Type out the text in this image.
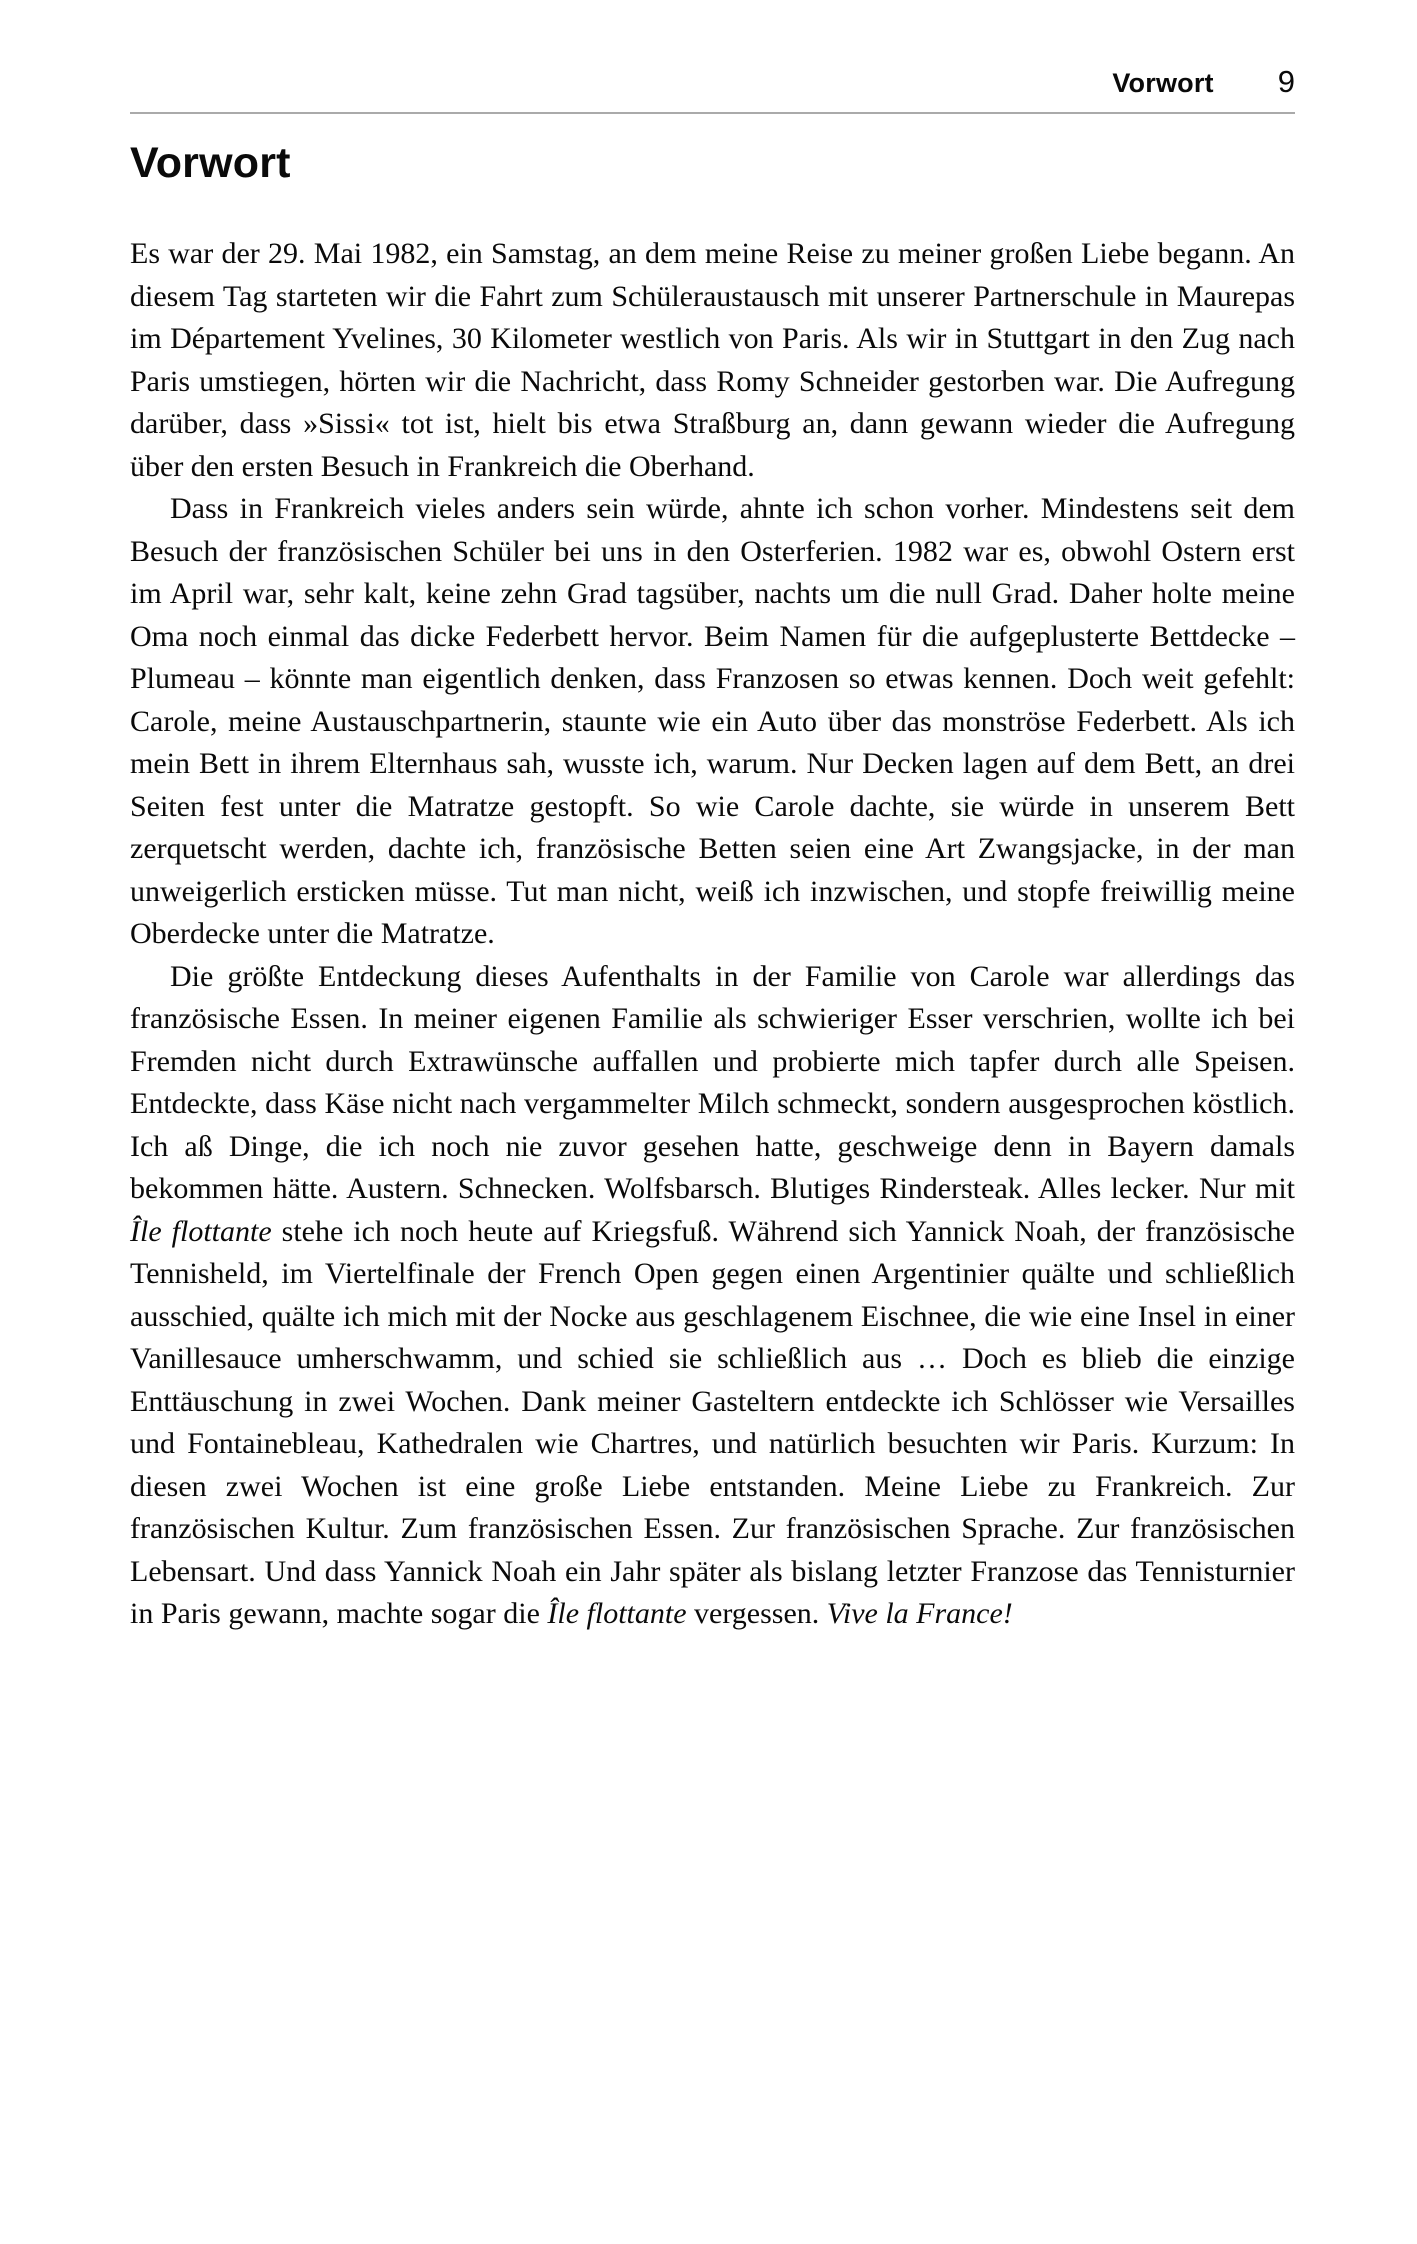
Vorwort 9
Vorwort

Es war der 29. Mai 1982, ein Samstag, an dem meine Reise zu meiner großen Liebe begann. An diesem Tag starteten wir die Fahrt zum Schüleraustausch mit unserer Partnerschule in Maurepas im Département Yvelines, 30 Kilometer westlich von Paris. Als wir in Stuttgart in den Zug nach Paris umstiegen, hörten wir die Nachricht, dass Romy Schneider gestorben war. Die Aufregung darüber, dass »Sissi« tot ist, hielt bis etwa Straßburg an, dann gewann wieder die Aufregung über den ersten Besuch in Frankreich die Oberhand.

Dass in Frankreich vieles anders sein würde, ahnte ich schon vorher. Mindestens seit dem Besuch der französischen Schüler bei uns in den Osterferien. 1982 war es, obwohl Ostern erst im April war, sehr kalt, keine zehn Grad tagsüber, nachts um die null Grad. Daher holte meine Oma noch einmal das dicke Federbett hervor. Beim Namen für die aufgeplusterte Bettdecke – Plumeau – könnte man eigentlich denken, dass Franzosen so etwas kennen. Doch weit gefehlt: Carole, meine Austauschpartnerin, staunte wie ein Auto über das monströse Federbett. Als ich mein Bett in ihrem Elternhaus sah, wusste ich, warum. Nur Decken lagen auf dem Bett, an drei Seiten fest unter die Matratze gestopft. So wie Carole dachte, sie würde in unserem Bett zerquetscht werden, dachte ich, französische Betten seien eine Art Zwangsjacke, in der man unweigerlich ersticken müsse. Tut man nicht, weiß ich inzwischen, und stopfe freiwillig meine Oberdecke unter die Matratze.

Die größte Entdeckung dieses Aufenthalts in der Familie von Carole war allerdings das französische Essen. In meiner eigenen Familie als schwieriger Esser verschrien, wollte ich bei Fremden nicht durch Extrawünsche auffallen und probierte mich tapfer durch alle Speisen. Entdeckte, dass Käse nicht nach vergammelter Milch schmeckt, sondern ausgesprochen köstlich. Ich aß Dinge, die ich noch nie zuvor gesehen hatte, geschweige denn in Bayern damals bekommen hätte. Austern. Schnecken. Wolfsbarsch. Blutiges Rindersteak. Alles lecker. Nur mit Île flottante stehe ich noch heute auf Kriegsfuß. Während sich Yannick Noah, der französische Tennisheld, im Viertelfinale der French Open gegen einen Argentinier quälte und schließlich ausschied, quälte ich mich mit der Nocke aus geschlagenem Eischnee, die wie eine Insel in einer Vanillesauce umherschwamm, und schied sie schließlich aus … Doch es blieb die einzige Enttäuschung in zwei Wochen. Dank meiner Gasteltern entdeckte ich Schlösser wie Versailles und Fontainebleau, Kathedralen wie Chartres, und natürlich besuchten wir Paris. Kurzum: In diesen zwei Wochen ist eine große Liebe entstanden. Meine Liebe zu Frankreich. Zur französischen Kultur. Zum französischen Essen. Zur französischen Sprache. Zur französischen Lebensart. Und dass Yannick Noah ein Jahr später als bislang letzter Franzose das Tennisturnier in Paris gewann, machte sogar die Île flottante vergessen. Vive la France!
